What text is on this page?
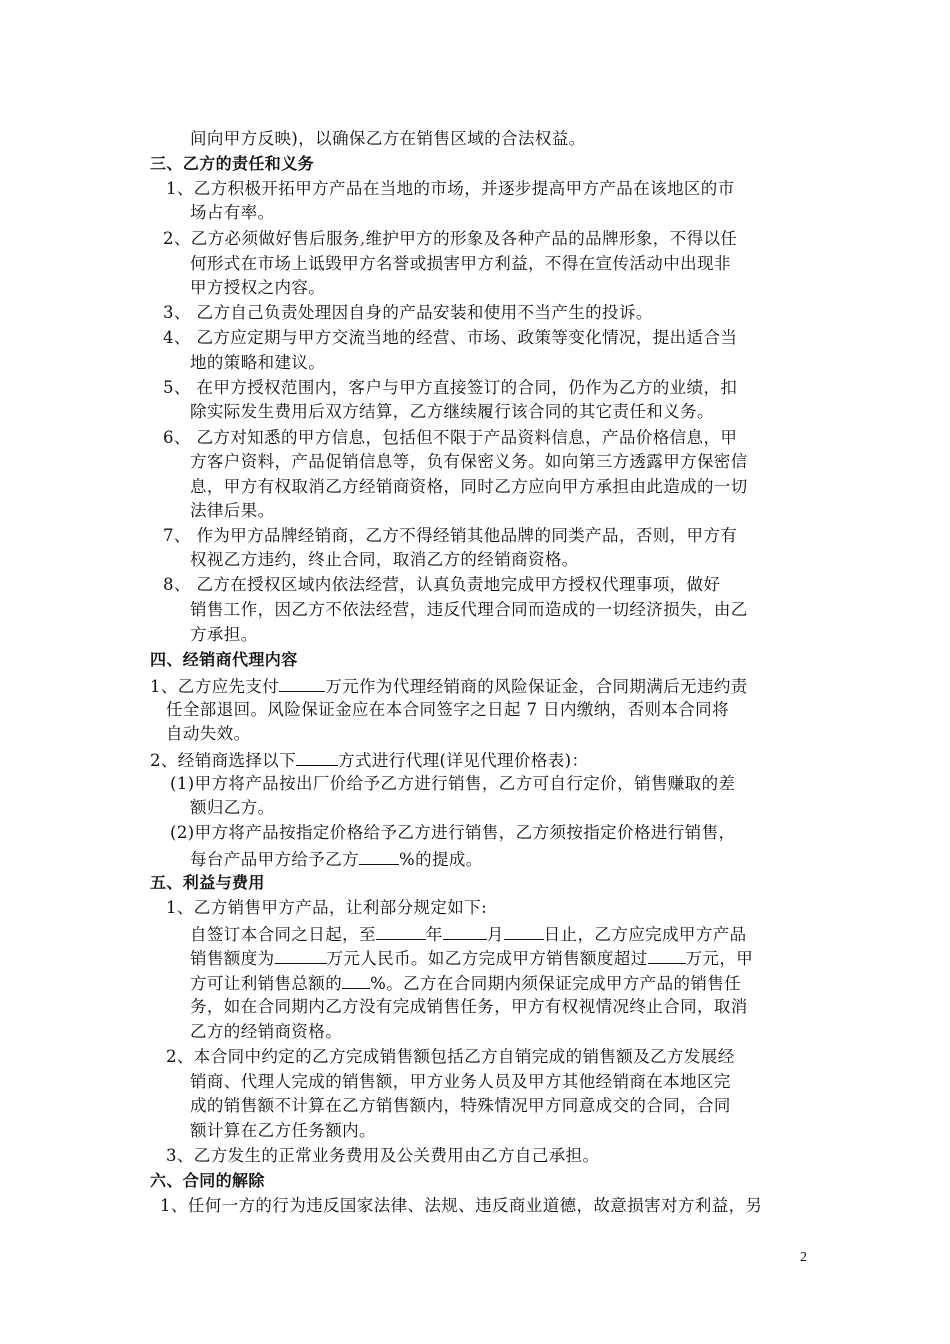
间向甲方反映)，以确保乙方在销售区域的合法权益。
三、乙方的责任和义务
1、乙方积极开拓甲方产品在当地的市场，并逐步提高甲方产品在该地区的市
场占有率。
2、乙方必须做好售后服务,维护甲方的形象及各种产品的品牌形象，不得以任
何形式在市场上诋毁甲方名誉或损害甲方利益，不得在宣传活动中出现非
甲方授权之内容。
3、 乙方自己负责处理因自身的产品安装和使用不当产生的投诉。
4、 乙方应定期与甲方交流当地的经营、市场、政策等变化情况，提出适合当
地的策略和建议。
5、 在甲方授权范围内，客户与甲方直接签订的合同，仍作为乙方的业绩，扣
除实际发生费用后双方结算，乙方继续履行该合同的其它责任和义务。
6、 乙方对知悉的甲方信息，包括但不限于产品资料信息，产品价格信息，甲
方客户资料，产品促销信息等，负有保密义务。如向第三方透露甲方保密信
息，甲方有权取消乙方经销商资格，同时乙方应向甲方承担由此造成的一切
法律后果。
7、 作为甲方品牌经销商，乙方不得经销其他品牌的同类产品，否则，甲方有
权视乙方违约，终止合同，取消乙方的经销商资格。
8、 乙方在授权区域内依法经营，认真负责地完成甲方授权代理事项，做好
销售工作，因乙方不依法经营，违反代理合同而造成的一切经济损失，由乙
方承担。
四、经销商代理内容
1、乙方应先支付	万元作为代理经销商的风险保证金，合同期满后无违约责
任全部退回。风险保证金应在本合同签字之日起 7 日内缴纳，否则本合同将
自动失效。
2、经销商选择以下	方式进行代理(详见代理价格表)：
(1)甲方将产品按出厂价给予乙方进行销售，乙方可自行定价，销售赚取的差
额归乙方。
(2)甲方将产品按指定价格给予乙方进行销售，乙方须按指定价格进行销售，
每台产品甲方给予乙方 %的提成。
五、利益与费用
1、乙方销售甲方产品，让利部分规定如下:
自签订本合同之日起，至	年	月 日止，乙方应完成甲方产品
销售额度为	万元人民币。如乙方完成甲方销售额度超过 万元，甲
方可让利销售总额的 %。乙方在合同期内须保证完成甲方产品的销售任
务，如在合同期内乙方没有完成销售任务，甲方有权视情况终止合同，取消
乙方的经销商资格。
2、本合同中约定的乙方完成销售额包括乙方自销完成的销售额及乙方发展经
销商、代理人完成的销售额，甲方业务人员及甲方其他经销商在本地区完
成的销售额不计算在乙方销售额内，特殊情况甲方同意成交的合同，合同
额计算在乙方任务额内。
3、乙方发生的正常业务费用及公关费用由乙方自己承担。
六、合同的解除
1、任何一方的行为违反国家法律、法规、违反商业道德，故意损害对方利益，另
2
